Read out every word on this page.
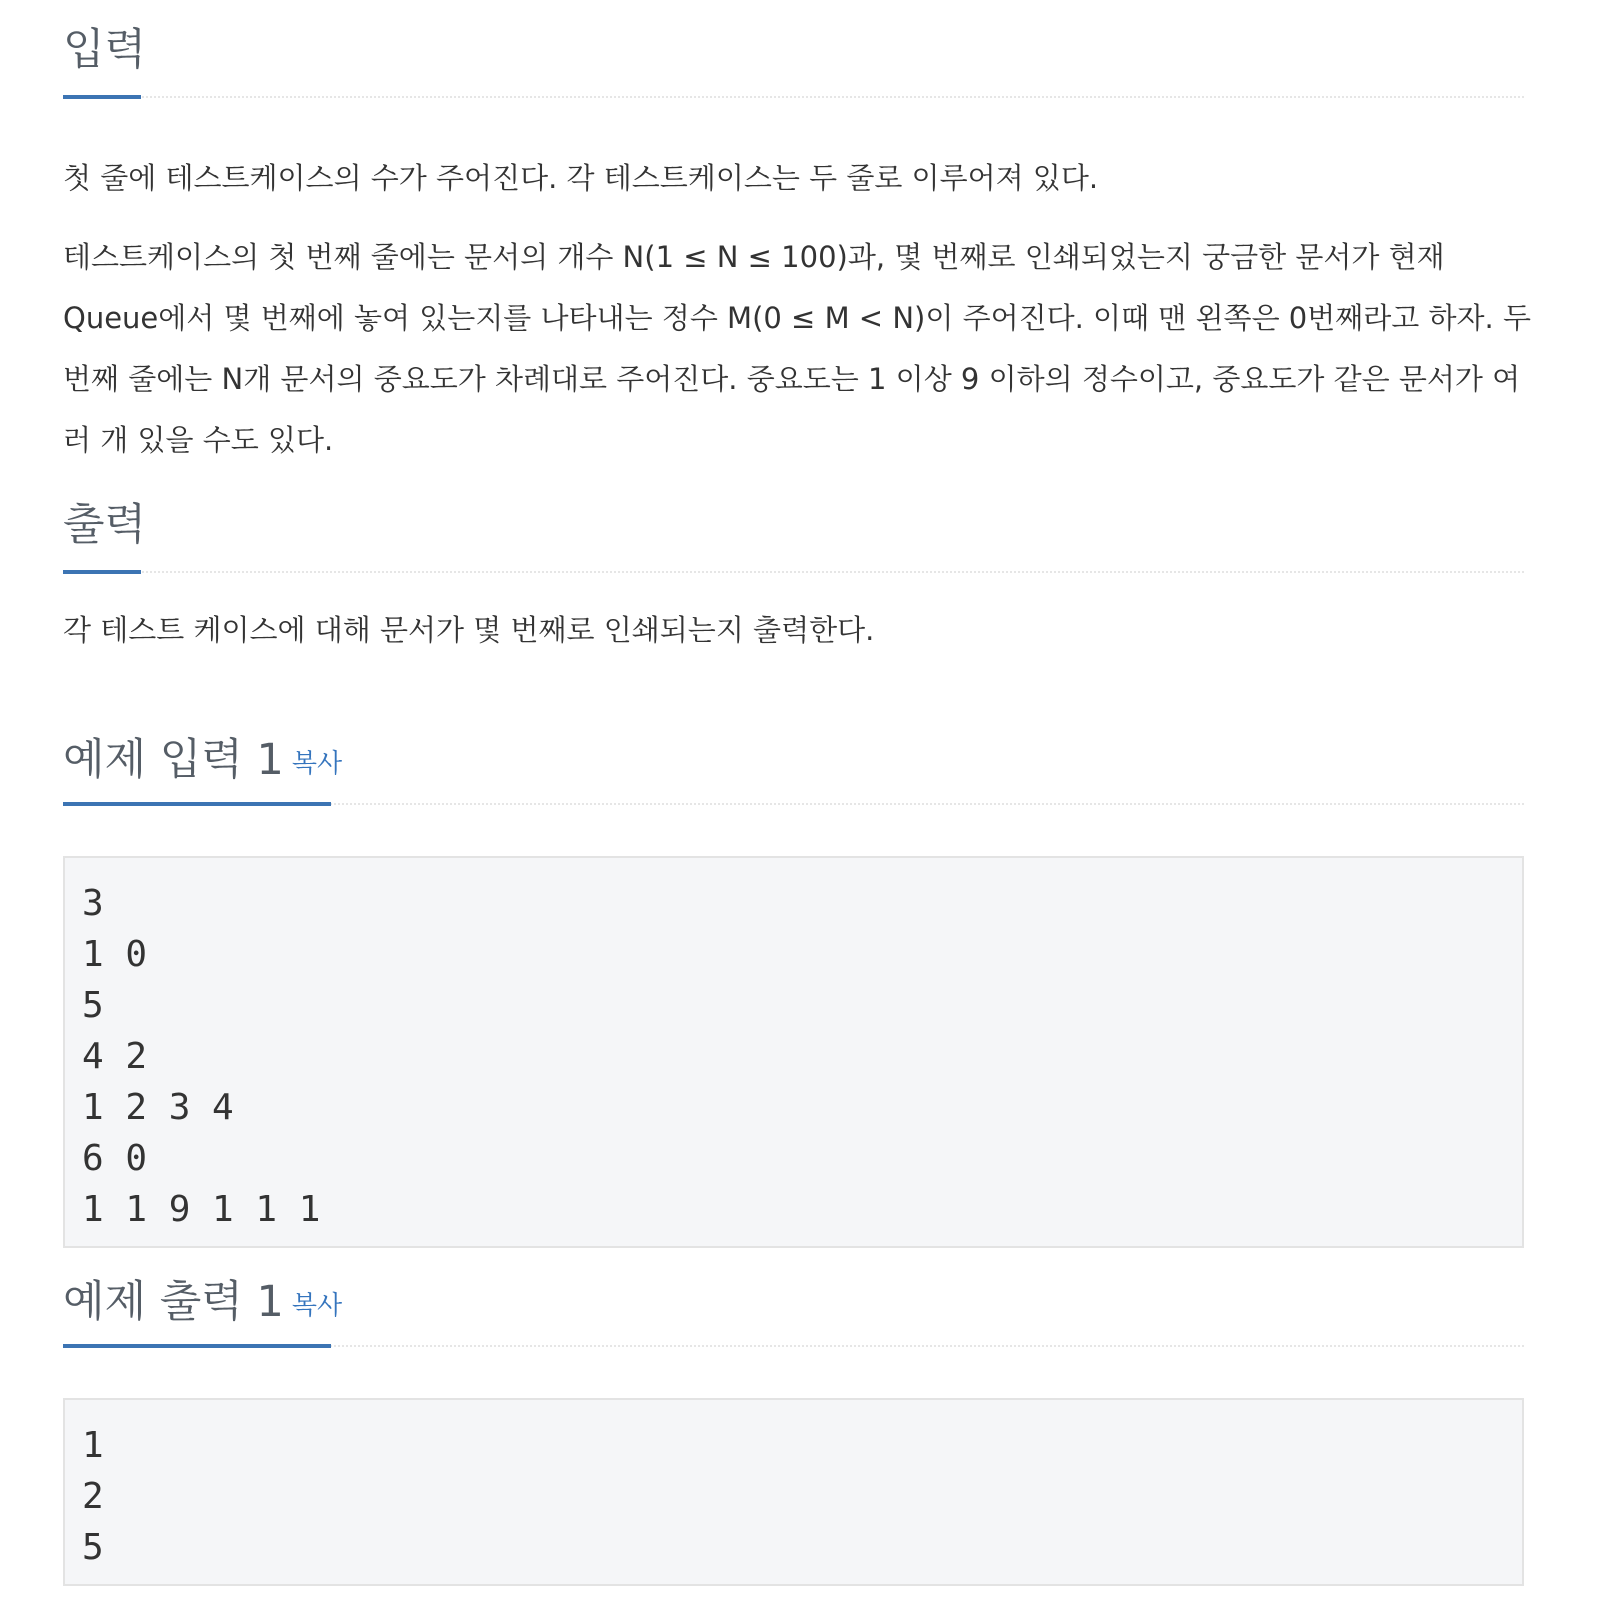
입력

첫 줄에 테스트케이스의 수가 주어진다. 각 테스트케이스는 두 줄로 이루어져 있다.

테스트케이스의 첫 번째 줄에는 문서의 개수 N(1 ≤ N ≤ 100)과, 몇 번째로 인쇄되었는지 궁금한 문서가 현재
Queue에서 몇 번째에 놓여 있는지를 나타내는 정수 M(0 ≤ M < N)이 주어진다. 이때 맨 왼쪽은 0번째라고 하자. 두
번째 줄에는 N개 문서의 중요도가 차례대로 주어진다. 중요도는 1 이상 9 이하의 정수이고, 중요도가 같은 문서가 여
러 개 있을 수도 있다.

출력

각 테스트 케이스에 대해 문서가 몇 번째로 인쇄되는지 출력한다.

예제 입력 1 복사
3
1 0
5
4 2
1 2 3 4
6 0
1 1 9 1 1 1
예제 출력 1 복사
1
2
5
